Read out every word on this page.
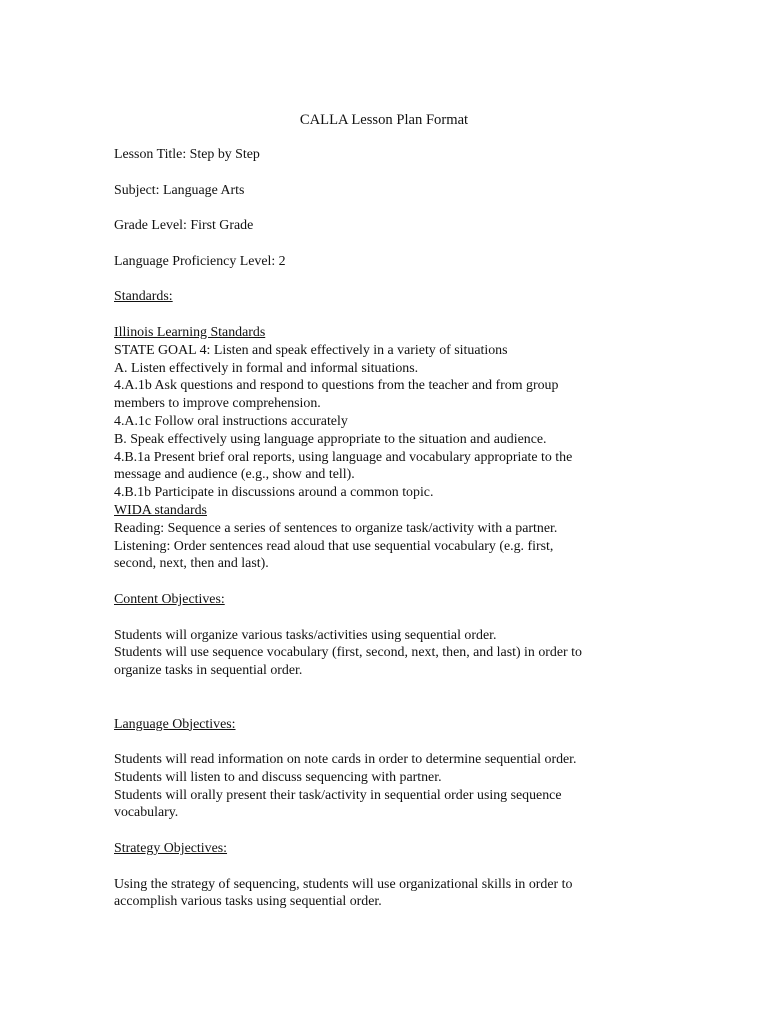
CALLA Lesson Plan Format
Lesson Title: Step by Step
Subject: Language Arts
Grade Level: First Grade
Language Proficiency Level: 2
Standards:
Illinois Learning Standards
STATE GOAL 4: Listen and speak effectively in a variety of situations
A. Listen effectively in formal and informal situations.
4.A.1b Ask questions and respond to questions from the teacher and from group
members to improve comprehension.
4.A.1c Follow oral instructions accurately
B. Speak effectively using language appropriate to the situation and audience.
4.B.1a Present brief oral reports, using language and vocabulary appropriate to the
message and audience (e.g., show and tell).
4.B.1b Participate in discussions around a common topic.
WIDA standards
Reading: Sequence a series of sentences to organize task/activity with a partner.
Listening: Order sentences read aloud that use sequential vocabulary (e.g. first,
second, next, then and last).
Content Objectives:
Students will organize various tasks/activities using sequential order.
Students will use sequence vocabulary (first, second, next, then, and last) in order to
organize tasks in sequential order.
Language Objectives:
Students will read information on note cards in order to determine sequential order.
Students will listen to and discuss sequencing with partner.
Students will orally present their task/activity in sequential order using sequence
vocabulary.
Strategy Objectives:
Using the strategy of sequencing, students will use organizational skills in order to
accomplish various tasks using sequential order.
